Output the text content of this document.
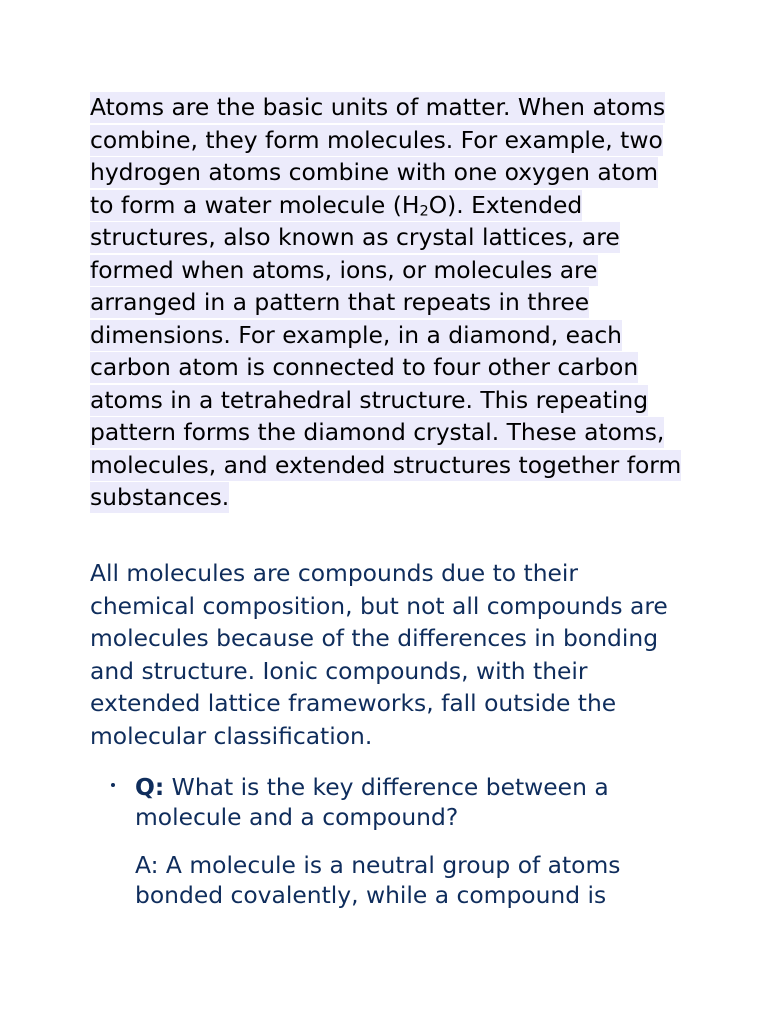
Atoms are the basic units of matter. When atoms combine, they form molecules. For example, two hydrogen atoms combine with one oxygen atom to form a water molecule $(H_2O)$. Extended structures, also known as crystal lattices, are formed when atoms, ions, or molecules are arranged in a pattern that repeats in three dimensions. For example, in a diamond, each carbon atom is connected to four other carbon atoms in a tetrahedral structure. This repeating pattern forms the diamond crystal. These atoms, molecules, and extended structures together form substances.

All molecules are compounds due to their chemical composition, but not all compounds are molecules because of the differences in bonding and structure. Ionic compounds, with their extended lattice frameworks, fall outside the molecular classification.

Q: What is the key difference between a molecule and a compound?

A: A molecule is a neutral group of atoms bonded covalently, while a compound is
